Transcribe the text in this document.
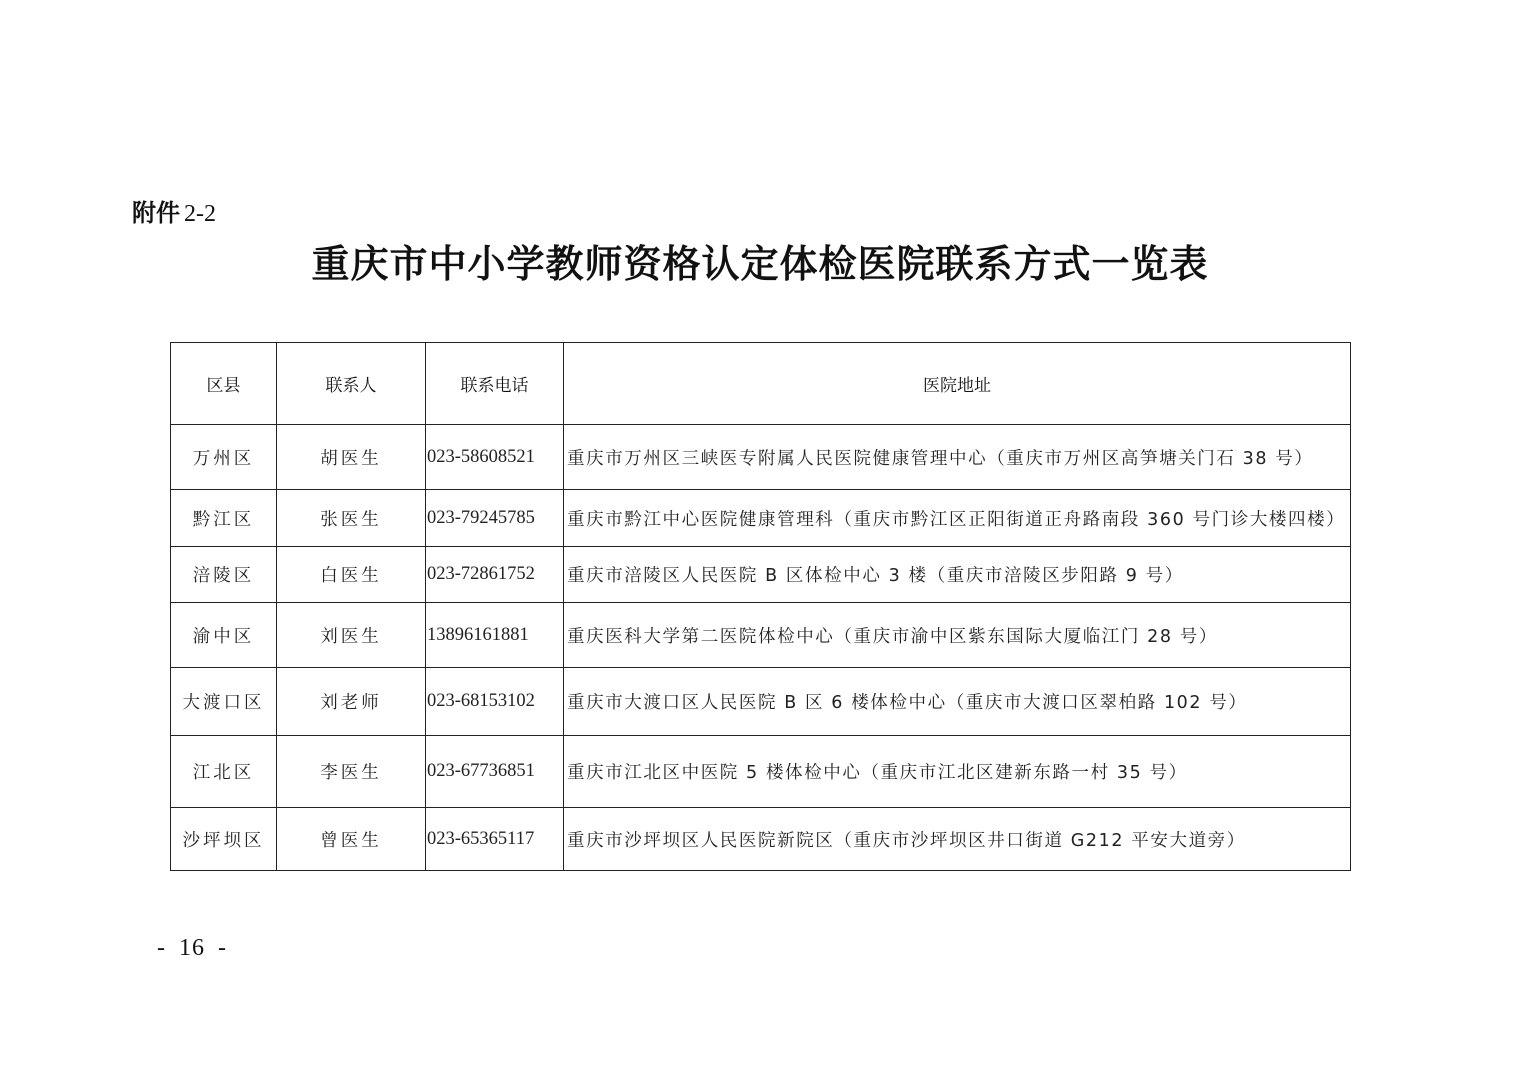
附件 2-2
重庆市中小学教师资格认定体检医院联系方式一览表
区县	联系人	联系电话	医院地址
万州区	胡医生	023-58608521	重庆市万州区三峡医专附属人民医院健康管理中心（重庆市万州区高笋塘关门石 38 号）
黔江区	张医生	023-79245785	重庆市黔江中心医院健康管理科（重庆市黔江区正阳街道正舟路南段 360 号门诊大楼四楼）
涪陵区	白医生	023-72861752	重庆市涪陵区人民医院 B 区体检中心 3 楼（重庆市涪陵区步阳路 9 号）
渝中区	刘医生	13896161881	重庆医科大学第二医院体检中心（重庆市渝中区紫东国际大厦临江门 28 号）
大渡口区	刘老师	023-68153102	重庆市大渡口区人民医院 B 区 6 楼体检中心（重庆市大渡口区翠柏路 102 号）
江北区	李医生	023-67736851	重庆市江北区中医院 5 楼体检中心（重庆市江北区建新东路一村 35 号）
沙坪坝区	曾医生	023-65365117	重庆市沙坪坝区人民医院新院区（重庆市沙坪坝区井口街道 G212 平安大道旁）
- 16 -
